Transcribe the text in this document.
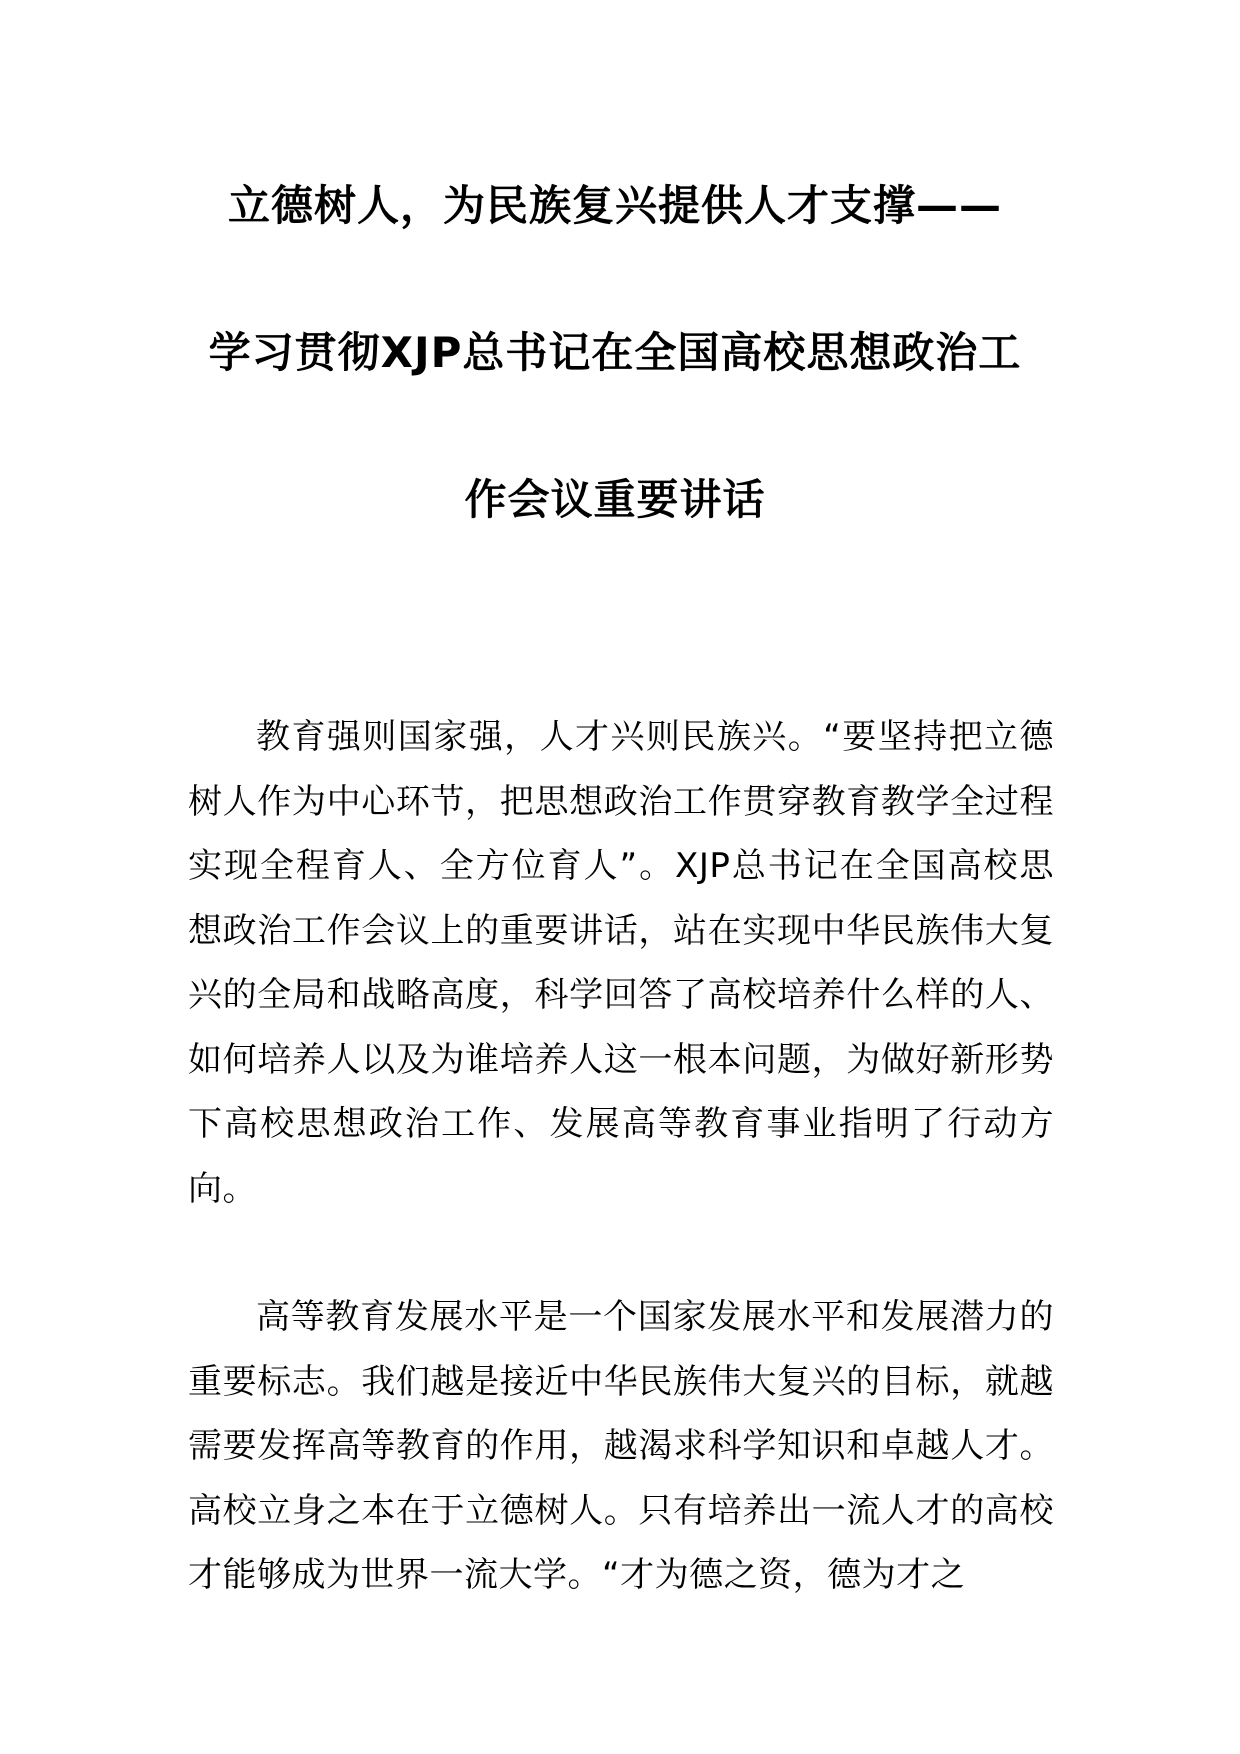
立德树人，为民族复兴提供人才支撑——
学习贯彻XJP总书记在全国高校思想政治工
作会议重要讲话

教育强则国家强，人才兴则民族兴。“要坚持把立德树人作为中心环节，把思想政治工作贯穿教育教学全过程实现全程育人、全方位育人”。XJP总书记在全国高校思想政治工作会议上的重要讲话，站在实现中华民族伟大复兴的全局和战略高度，科学回答了高校培养什么样的人、如何培养人以及为谁培养人这一根本问题，为做好新形势下高校思想政治工作、发展高等教育事业指明了行动方向。

高等教育发展水平是一个国家发展水平和发展潜力的重要标志。我们越是接近中华民族伟大复兴的目标，就越需要发挥高等教育的作用，越渴求科学知识和卓越人才。高校立身之本在于立德树人。只有培养出一流人才的高校才能够成为世界一流大学。“才为德之资，德为才之
